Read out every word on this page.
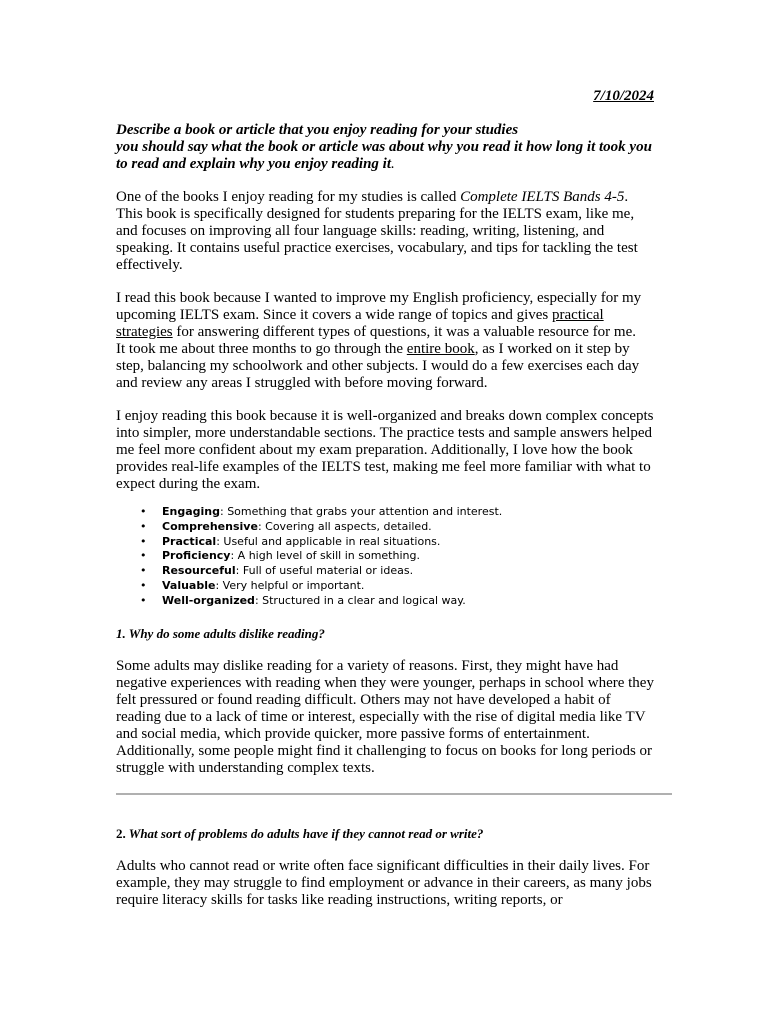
7/10/2024
Describe a book or article that you enjoy reading for your studies
you should say what the book or article was about why you read it how long it took you to read and explain why you enjoy reading it.

One of the books I enjoy reading for my studies is called Complete IELTS Bands 4-5. This book is specifically designed for students preparing for the IELTS exam, like me, and focuses on improving all four language skills: reading, writing, listening, and speaking. It contains useful practice exercises, vocabulary, and tips for tackling the test effectively.

I read this book because I wanted to improve my English proficiency, especially for my upcoming IELTS exam. Since it covers a wide range of topics and gives practical strategies for answering different types of questions, it was a valuable resource for me.

It took me about three months to go through the entire book, as I worked on it step by step, balancing my schoolwork and other subjects. I would do a few exercises each day and review any areas I struggled with before moving forward.

I enjoy reading this book because it is well-organized and breaks down complex concepts into simpler, more understandable sections. The practice tests and sample answers helped me feel more confident about my exam preparation. Additionally, I love how the book provides real-life examples of the IELTS test, making me feel more familiar with what to expect during the exam.

• Engaging: Something that grabs your attention and interest.
• Comprehensive: Covering all aspects, detailed.
• Practical: Useful and applicable in real situations.
• Proficiency: A high level of skill in something.
• Resourceful: Full of useful material or ideas.
• Valuable: Very helpful or important.
• Well-organized: Structured in a clear and logical way.
1. Why do some adults dislike reading?

Some adults may dislike reading for a variety of reasons. First, they might have had negative experiences with reading when they were younger, perhaps in school where they felt pressured or found reading difficult. Others may not have developed a habit of reading due to a lack of time or interest, especially with the rise of digital media like TV and social media, which provide quicker, more passive forms of entertainment. Additionally, some people might find it challenging to focus on books for long periods or struggle with understanding complex texts.

2. What sort of problems do adults have if they cannot read or write?

Adults who cannot read or write often face significant difficulties in their daily lives. For example, they may struggle to find employment or advance in their careers, as many jobs require literacy skills for tasks like reading instructions, writing reports, or
